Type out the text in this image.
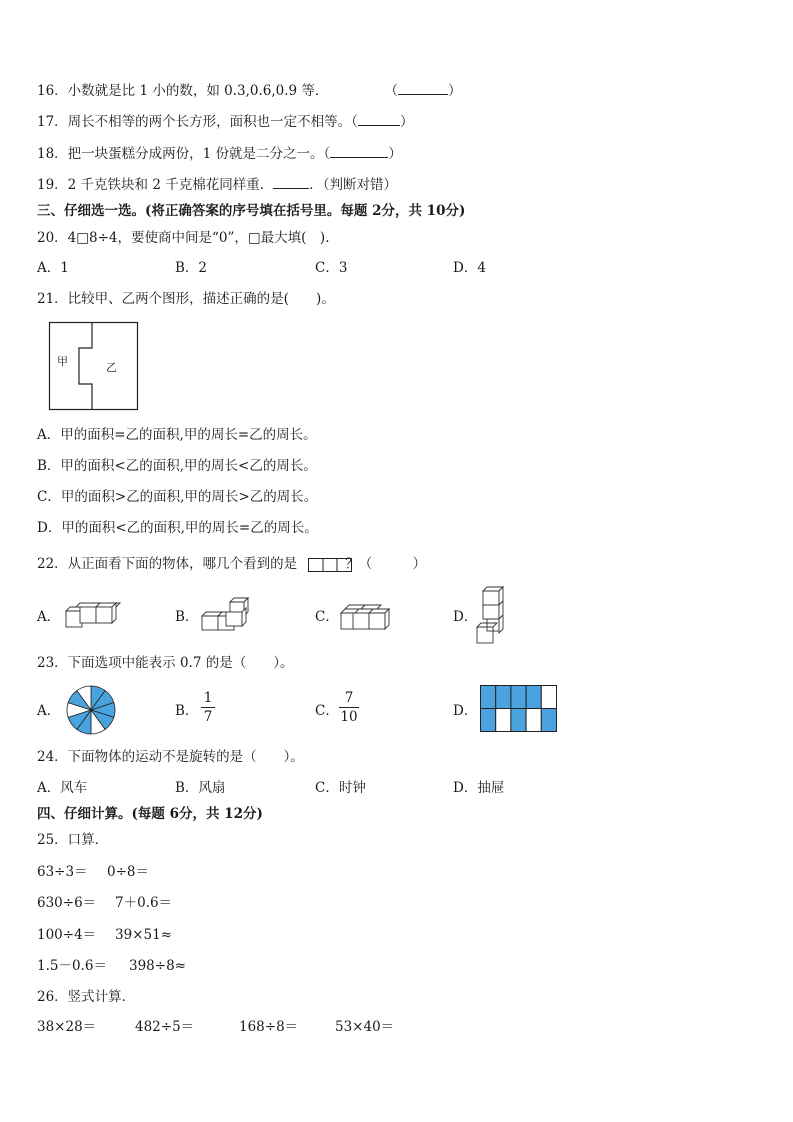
16．小数就是比 1 小的数，如 0.3,0.6,0.9 等．	（	）
17．周长不相等的两个长方形，面积也一定不相等。（	）
18．把一块蛋糕分成两份，1 份就是二分之一。（	）
19．2 千克铁块和 2 千克棉花同样重．	．（判断对错）
三、仔细选一选。(将正确答案的序号填在括号里。每题 2分，共 10分)
20．4□8÷4，要使商中间是“0”，□最大填(　).
A．1	B．2	C．3	D．4
21．比较甲、乙两个图形，描述正确的是(　　)。
甲	乙
A．甲的面积=乙的面积,甲的周长=乙的周长。
B．甲的面积<乙的面积,甲的周长<乙的周长。
C．甲的面积>乙的面积,甲的周长>乙的周长。
D．甲的面积<乙的面积,甲的周长=乙的周长。
22．从正面看下面的物体，哪几个看到的是	？（　　　）
A．	B．	C．	D．
23．下面选项中能表示 0.7 的是（　　）。
A．	B．
1
7	C．
7
10	D．
24．下面物体的运动不是旋转的是（　　）。
A．风车	B．风扇	C．时钟	D．抽屉
四、仔细计算。(每题 6分，共 12分)
25．口算．
63÷3＝ 0÷8＝
630÷6＝ 7＋0.6＝
100÷4＝ 39×51≈
1.5－0.6＝ 398÷8≈
26．竖式计算．
38×28＝	482÷5＝	168÷8＝	53×40＝
